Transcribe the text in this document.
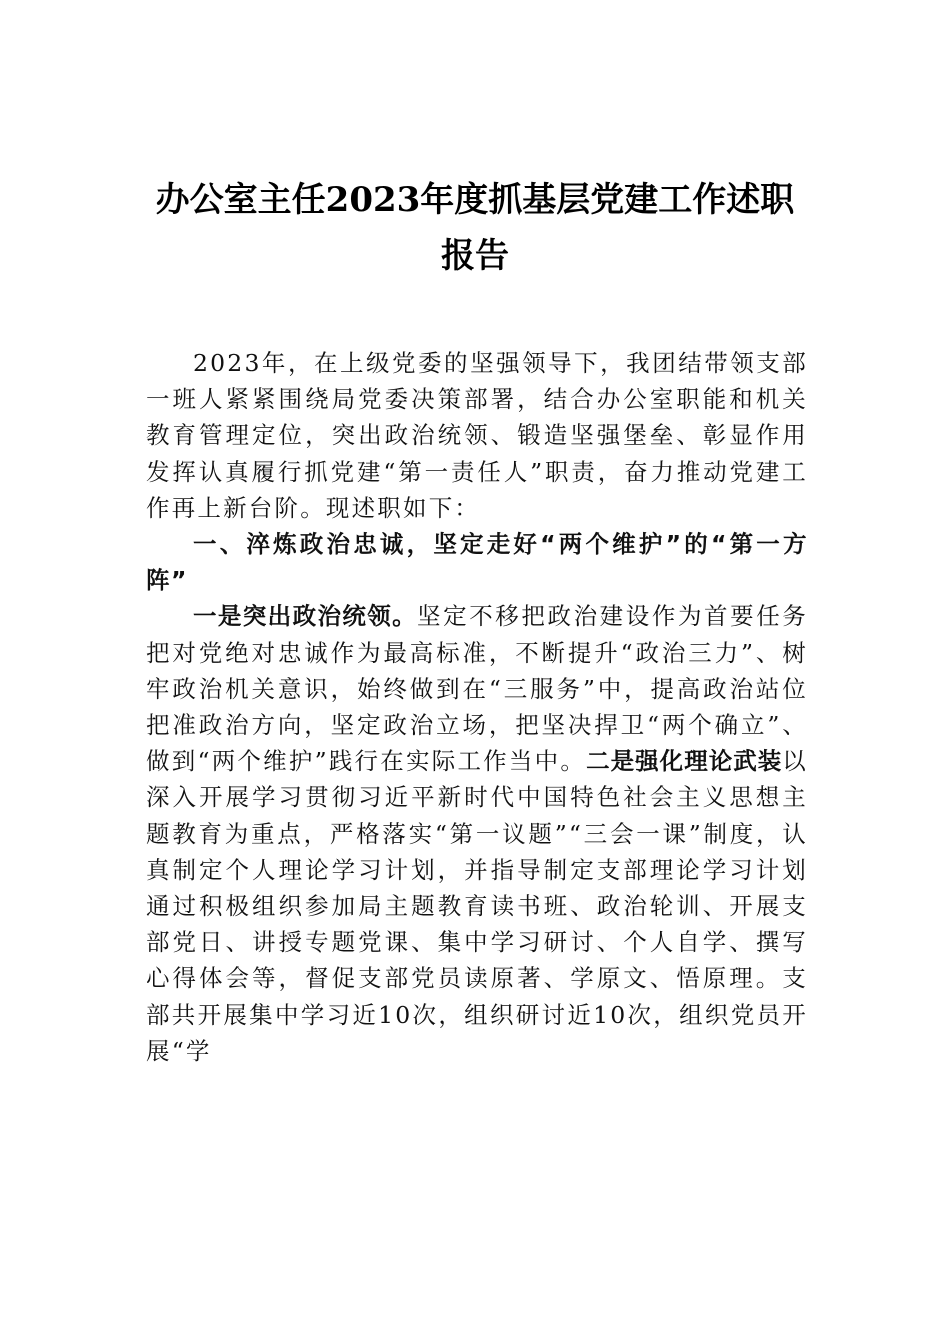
办公室主任2023年度抓基层党建工作述职报告

2023年，在上级党委的坚强领导下，我团结带领支部一班人紧紧围绕局党委决策部署，结合办公室职能和机关教育管理定位，突出政治统领、锻造坚强堡垒、彰显作用发挥认真履行抓党建“第一责任人”职责，奋力推动党建工作再上新台阶。现述职如下：

一、淬炼政治忠诚，坚定走好“两个维护”的“第一方阵”

一是突出政治统领。坚定不移把政治建设作为首要任务把对党绝对忠诚作为最高标准，不断提升“政治三力”、树牢政治机关意识，始终做到在“三服务”中，提高政治站位把准政治方向，坚定政治立场，把坚决捍卫“两个确立”、做到“两个维护”践行在实际工作当中。二是强化理论武装以深入开展学习贯彻习近平新时代中国特色社会主义思想主题教育为重点，严格落实“第一议题”“三会一课”制度，认真制定个人理论学习计划，并指导制定支部理论学习计划通过积极组织参加局主题教育读书班、政治轮训、开展支部党日、讲授专题党课、集中学习研讨、个人自学、撰写心得体会等，督促支部党员读原著、学原文、悟原理。支部共开展集中学习近10次，组织研讨近10次，组织党员开展“学
